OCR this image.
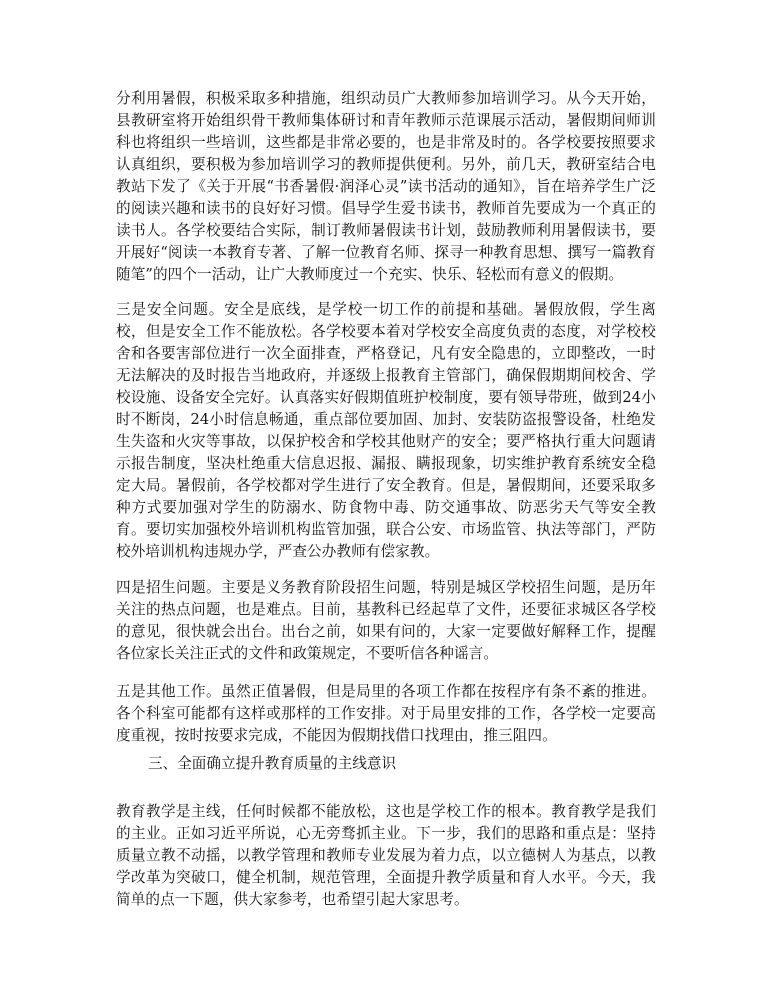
分利用暑假，积极采取多种措施，组织动员广大教师参加培训学习。从今天开始，县教研室将开始组织骨干教师集体研讨和青年教师示范课展示活动，暑假期间师训科也将组织一些培训，这些都是非常必要的，也是非常及时的。各学校要按照要求认真组织，要积极为参加培训学习的教师提供便利。另外，前几天，教研室结合电教站下发了《关于开展“书香暑假·润泽心灵”读书活动的通知》，旨在培养学生广泛的阅读兴趣和读书的良好好习惯。倡导学生爱书读书，教师首先要成为一个真正的读书人。各学校要结合实际，制订教师暑假读书计划，鼓励教师利用暑假读书，要开展好“阅读一本教育专著、了解一位教育名师、探寻一种教育思想、撰写一篇教育随笔”的四个一活动，让广大教师度过一个充实、快乐、轻松而有意义的假期。

三是安全问题。安全是底线，是学校一切工作的前提和基础。暑假放假，学生离校，但是安全工作不能放松。各学校要本着对学校安全高度负责的态度，对学校校舍和各要害部位进行一次全面排查，严格登记，凡有安全隐患的，立即整改，一时无法解决的及时报告当地政府，并逐级上报教育主管部门，确保假期期间校舍、学校设施、设备安全完好。认真落实好假期值班护校制度，要有领导带班，做到24小时不断岗，24小时信息畅通，重点部位要加固、加封、安装防盗报警设备，杜绝发生失盗和火灾等事故，以保护校舍和学校其他财产的安全；要严格执行重大问题请示报告制度，坚决杜绝重大信息迟报、漏报、瞒报现象，切实维护教育系统安全稳定大局。暑假前，各学校都对学生进行了安全教育。但是，暑假期间，还要采取多种方式要加强对学生的防溺水、防食物中毒、防交通事故、防恶劣天气等安全教育。要切实加强校外培训机构监管加强，联合公安、市场监管、执法等部门，严防校外培训机构违规办学，严查公办教师有偿家教。

四是招生问题。主要是义务教育阶段招生问题，特别是城区学校招生问题，是历年关注的热点问题，也是难点。目前，基教科已经起草了文件，还要征求城区各学校的意见，很快就会出台。出台之前，如果有问的，大家一定要做好解释工作，提醒各位家长关注正式的文件和政策规定，不要听信各种谣言。

五是其他工作。虽然正值暑假，但是局里的各项工作都在按程序有条不紊的推进。各个科室可能都有这样或那样的工作安排。对于局里安排的工作，各学校一定要高度重视，按时按要求完成，不能因为假期找借口找理由，推三阻四。

三、全面确立提升教育质量的主线意识

教育教学是主线，任何时候都不能放松，这也是学校工作的根本。教育教学是我们的主业。正如习近平所说，心无旁骛抓主业。下一步，我们的思路和重点是：坚持质量立教不动摇，以教学管理和教师专业发展为着力点，以立德树人为基点，以教学改革为突破口，健全机制，规范管理，全面提升教学质量和育人水平。今天，我简单的点一下题，供大家参考，也希望引起大家思考。
